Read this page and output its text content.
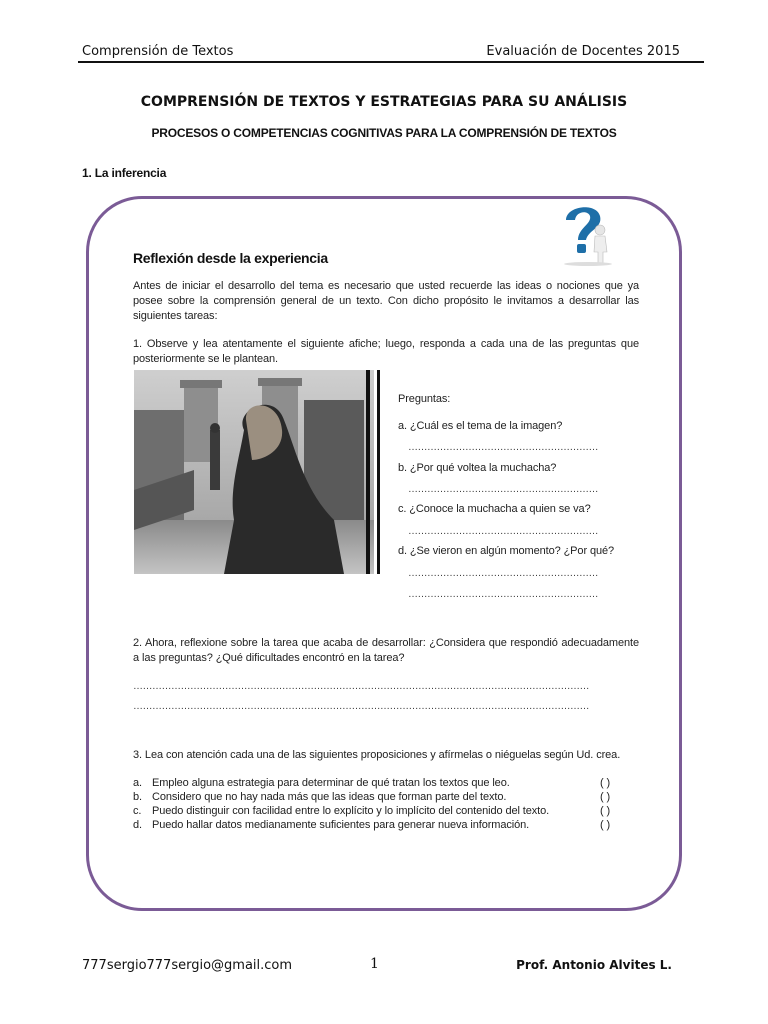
Comprensión de Textos	Evaluación de Docentes 2015
COMPRENSIÓN DE TEXTOS Y ESTRATEGIAS PARA SU ANÁLISIS
PROCESOS O COMPETENCIAS COGNITIVAS PARA LA COMPRENSIÓN DE TEXTOS
1. La inferencia
Reflexión desde la experiencia
Antes de iniciar el desarrollo del tema es necesario que usted recuerde las ideas o nociones que ya posee sobre la comprensión general de un texto. Con dicho propósito le invitamos a desarrollar las siguientes tareas:
1. Observe y lea atentamente el siguiente afiche; luego, responda a cada una de las preguntas que posteriormente se le plantean.
Preguntas:
a. ¿Cuál es el tema de la imagen?
……………………………………………………
b. ¿Por qué voltea la muchacha?
……………………………………………………
c. ¿Conoce la muchacha a quien se va?
……………………………………………………
d. ¿Se vieron en algún momento? ¿Por qué?
……………………………………………………
……………………………………………………
2. Ahora, reflexione sobre la tarea que acaba de desarrollar: ¿Considera que respondió adecuadamente a las preguntas? ¿Qué dificultades encontró en la tarea?
………………………………………………………………………………………………………………………………
………………………………………………………………………………………………………………………………
3. Lea con atención cada una de las siguientes proposiciones y afírmelas o niéguelas según Ud. crea.
a. Empleo alguna estrategia para determinar de qué tratan los textos que leo.	( )
b. Considero que no hay nada más que las ideas que forman parte del texto.	( )
c. Puedo distinguir con facilidad entre lo explícito y lo implícito del contenido del texto.	( )
d. Puedo hallar datos medianamente suficientes para generar nueva información.	( )
777sergio777sergio@gmail.com	1	Prof. Antonio Alvites L.
